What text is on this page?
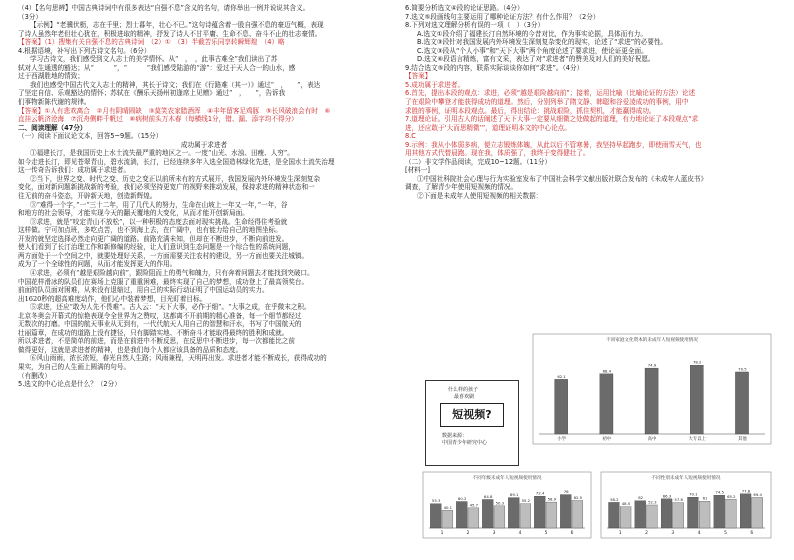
（4）【名句思辨】中国古典诗词中有很多表达“自强不息”含义的名句，请你举出一例并说说其含义。
（3分）
【示例】“老骥伏枥，志在千里；烈士暮年，壮心不已。”这句诗蕴含着一股自强不息的豪迈气概，表现
了诗人虽然年老但壮心犹在，积极进取的精神，抒发了诗人不甘平庸、生命不息、奋斗不止的壮志豪情。
【答案】（1）搜集有关自强不息的古典诗词　（2）①　（3）半截苦乐同享转瞬辉煌　（4）略
4.根据语境，补写出下列古诗文名句。（6分）
学习古诗文，我们感受到文人志士的美学情怀。从“　，　，此事古难全”我们读出了苏
轼对人生通透的豁达；从“　　　”，“　　　”我们感受陆游的“游”：爱过于天人合一的山水，感
过于西湖胜地的情致；
我们也感受中国古代文人志士的精神，其长于诗文；我们在《行路难（其一）》通过“　，　　”，表达
了坚定自信、乐观豁达的情怀；苏轼在《酬乐天扬州初逢席上见赠》通过“　，　　”，告诉我
们事物新陈代谢的规律。
【答案】①人有悲欢离合　②月有阴晴圆缺　③莫笑农家腊酒浑　④丰年留客足鸡豚　⑤长风破浪会有时　⑥
直挂云帆济沧海　⑦沉舟侧畔千帆过　⑧病树前头万木春（每横线1分，错、漏、添字均不得分）
二、阅读理解（47分）
（一）阅读下面议论文本，回答5~9题。（15分）
成功属于求进者
①福建长汀，是我国历史上水土流失最严重的地区之一。一度“山光、水浊、田瘦、人穷”。
如今走进长汀，即见苍翠青山，碧水流淌，长汀，已经连续多年入选全国造林绿化先进，是全国水土流失治理
这一传奇告诉我们：成功属于求进者。
②当下，世界之变、时代之变、历史之变正以前所未有的方式展开，我国发展内外环境发生深刻复杂
变化，面对新问题新挑战新的考验，我们必须坚持更宽广的视野来推动发展，保持求进的精神状态和一
往无前的奋斗姿态，开辟新天地，创造新辉煌。
③“难得一个字，”一“三十二年，用了几代人的努力，生命在山坡上一年又一年，”一年，谷
和地方的社会领导，才能实现今天的翻天覆地的大变化，从而才能开创新局面。
③求进，就是“咬定青山不放松”，以一种积极的态度去面对现实挑战。生命经得住考验就
这样做。宁可加点班，多吃点苦，也不到海上去，在广阔中，也有能力给自己的地图坐标。
开发的就坚定选择必然走向更广阔的道路。前路充满未知，但却在不断进步，不断向前进发。
使人们看到了长汀治理工作和新修编的经验，让人们意识到生态问题是一个综合性的系统问题，
两方面处于一个空间之中，就要处理好关系，一方面需要关注农村的建设，另一方面也要关注城镇。
成为了一个全球性的问题，从而才能发挥更大的作用。
④求进，必须有“越是艰险越向前”，跟险阻而上的勇气和魄力，只有奔着问题去才能找到突破口。
中国花样滑冰的队员们在赛场上克服了重重困难，最终实现了自己的梦想，成功登上了最高领奖台。
前面的队员面对困难，从来没有退缩过，用自己的实际行动证明了中国运动员的实力。
出1620秒的超高难度动作，他们心中装着梦想，目光盯着目标。
⑤求进，还应“敢为人先不畏难”。古人云：“天下大事，必作于细”。“大事之成，在乎微末之积。
北京冬奥会开幕式的惊艳表现令全世界为之赞叹，这都离不开前期的精心准备，每一个细节都经过
无数次的打磨。中国的航天事业从无到有，一代代航天人用自己的智慧和汗水，书写了中国航天的
壮丽篇章，在成功的道路上没有捷径，只有脚踏实地、不断奋斗才能取得最终的胜利和成就。
所以求进者，不是简单的前进，而是在前进中不断反思，在反思中不断进步，每一次都能比之前
做得更好，这就是求进者的精神，也是我们每个人都应该具备的品质和态度。
⑥风山雨雨，浓长浓短，春光自然人生路；风雨兼程，天明再出发。求进者才能不断成长，获得成功的
果实，为自己的人生画上圆满的句号。
（有删改）
5.选文的中心论点是什么？（2分）
6.简要分析选文④段的论证思路。（4分）
7.选文⑤段画线句主要运用了哪种论证方法？有什么作用？（2分）
8.下列对选文理解分析有误的一项（　）（3分）
A.选文①段介绍了福建长汀自然环境的今昔对比，作为事实论据，具体而有力。
B.选文③段针对我国发展内外环境发生深刻复杂变化的现实，论述了“求进”的必要性。
C.选文③段从“个人小事”和“天下大事”两个角度论述了要求进，使论证更全面。
D.选文⑥段语言精炼，富有文采，表达了对“求进者”的赞美及对人们的美好祝愿。
9.结合选文⑤段的内容，联系实际谈谈你如何“求进”。（4分）
【答案】
5.成功属于求进者。
6.首先，提出本段的观点：求进，必须“越是艰险越向前”；接着，运用比喻（比喻论证的方法）论述
了在艰险中攀登才能获得成功的道理。然后，分别列举了隋文静、韩聪和谷爱凌成功的事例，用中
求胜的事例，证明本段观点。最后，得出结论：挑战艰险，抓住契机，才能赢得成功。
7.道理论证。引用古人的话阐述了天下大事一定要从细微之处做起的道理，有力地论证了本段观点“求
进，还应敢于‘大而思精微’”，道理证明本文的中心论点。
8.C
9.示例：我从小体弱多病，便立志锻炼体魄，从此以后不管寒暑，我坚持早起跑步，即使雨雪天气，也
用其他方式代替晨跑。现在我，体质强了，我终于变得健壮了。
（二）非文学作品阅读，完成10~12题。（11分）
[材料一]
①中国社科院社会心理与行为实验室发布了中国社会科学文献出版社联合发布的《未成年人蓝皮书》
调查，了解青少年使用短视频的情况。
②下面是未成年人使用短视频的相关数据：
什么样的孩子
最喜欢刷
短视频?
数据来源：
中国青少年研究中心
不同家庭文化资本的未成年人短视频使用情况
62.1
小学
68.4
初中
74.9
高中
78.2
大专以上
70.5
其他
不同年级未成年人短视频使用情况
55.3
40.1
1
60.2
45.7
2
64.8
50.3
3
69.1
55.2
4
72.4
58.9
5
76
62.5
6
不同性别未成年人短视频使用情况
58.2
48.5
1
62
52.3
2
66.3
57.8
3
70.1
61
4
74.5
65.2
5
77.8
69.4
6
